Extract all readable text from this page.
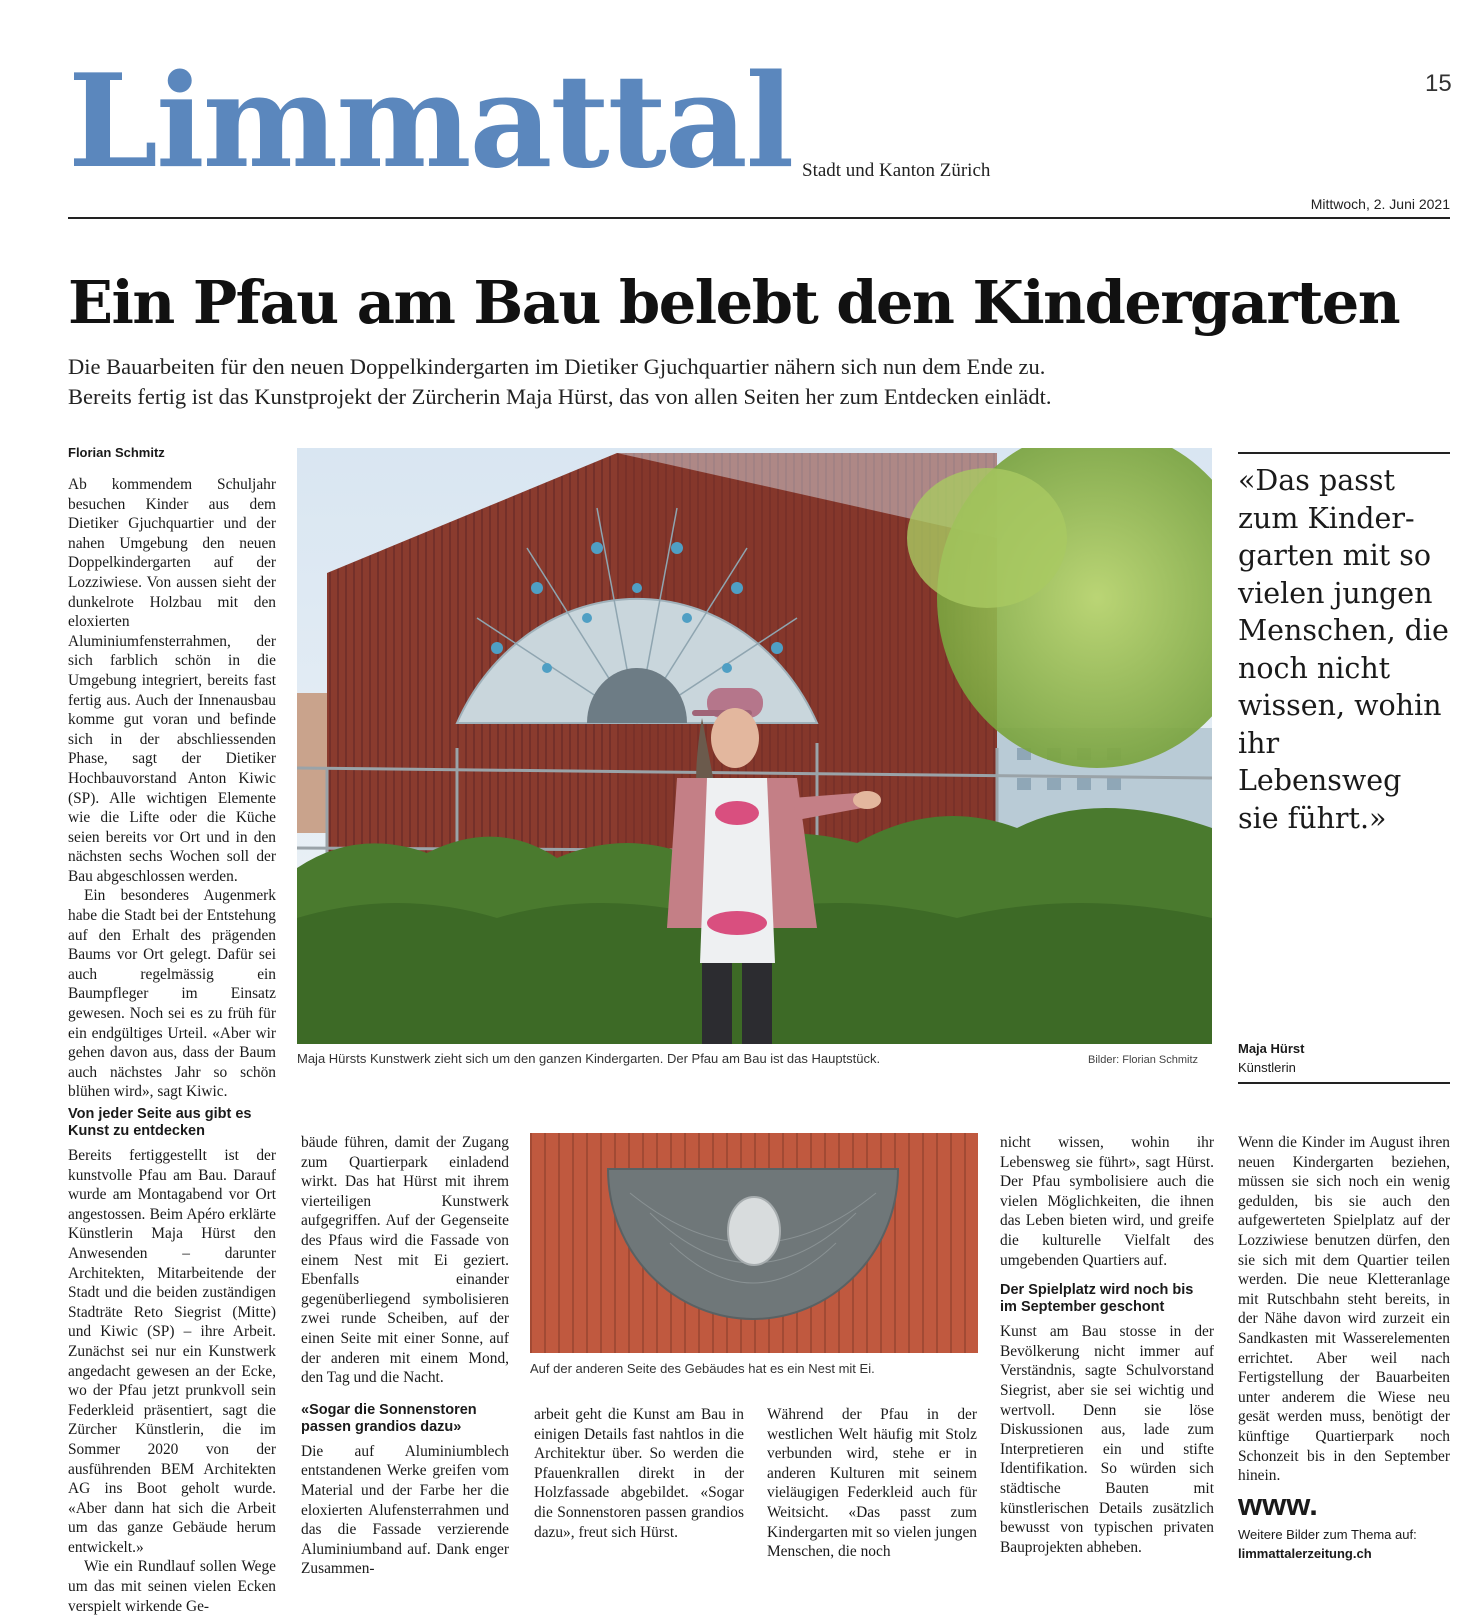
Limmattal Stadt und Kanton Zürich
15
Mittwoch, 2. Juni 2021
Ein Pfau am Bau belebt den Kindergarten

Die Bauarbeiten für den neuen Doppelkindergarten im Dietiker Gjuchquartier nähern sich nun dem Ende zu.

Bereits fertig ist das Kunstprojekt der Zürcherin Maja Hürst, das von allen Seiten her zum Entdecken einlädt.

Florian Schmitz

Ab kommendem Schuljahr besuchen Kinder aus dem Dietiker Gjuchquartier und der nahen Umgebung den neuen Doppelkindergarten auf der Lozziwiese. Von aussen sieht der dunkelrote Holzbau mit den eloxierten Aluminiumfensterrahmen, der sich farblich schön in die Umgebung integriert, bereits fast fertig aus. Auch der Innenausbau komme gut voran und befinde sich in der abschliessenden Phase, sagt der Dietiker Hochbauvorstand Anton Kiwic (SP). Alle wichtigen Elemente wie die Lifte oder die Küche seien bereits vor Ort und in den nächsten sechs Wochen soll der Bau abgeschlossen werden.

Ein besonderes Augenmerk habe die Stadt bei der Entstehung auf den Erhalt des prägenden Baums vor Ort gelegt. Dafür sei auch regelmässig ein Baumpfleger im Einsatz gewesen. Noch sei es zu früh für ein endgültiges Urteil. «Aber wir gehen davon aus, dass der Baum auch nächstes Jahr so schön blühen wird», sagt Kiwic.

Von jeder Seite aus gibt es Kunst zu entdecken

Bereits fertiggestellt ist der kunstvolle Pfau am Bau. Darauf wurde am Montagabend vor Ort angestossen. Beim Apéro erklärte Künstlerin Maja Hürst den Anwesenden – darunter Architekten, Mitarbeitende der Stadt und die beiden zuständigen Stadträte Reto Siegrist (Mitte) und Kiwic (SP) – ihre Arbeit. Zunächst sei nur ein Kunstwerk angedacht gewesen an der Ecke, wo der Pfau jetzt prunkvoll sein Federkleid präsentiert, sagt die Zürcher Künstlerin, die im Sommer 2020 von der ausführenden BEM Architekten AG ins Boot geholt wurde. «Aber dann hat sich die Arbeit um das ganze Gebäude herum entwickelt.»

Wie ein Rundlauf sollen Wege um das mit seinen vielen Ecken verspielt wirkende Ge-

Maja Hürsts Kunstwerk zieht sich um den ganzen Kindergarten. Der Pfau am Bau ist das Hauptstück.	Bilder: Florian Schmitz

«Das passt

zum Kinder-

garten mit so

vielen jungen

Menschen, die

noch nicht

wissen, wohin

ihr Lebensweg

sie führt.»

Maja Hürst
Künstlerin

bäude führen, damit der Zugang zum Quartierpark einladend wirkt. Das hat Hürst mit ihrem vierteiligen Kunstwerk aufgegriffen. Auf der Gegenseite des Pfaus wird die Fassade von einem Nest mit Ei geziert. Ebenfalls einander gegenüberliegend symbolisieren zwei runde Scheiben, auf der einen Seite mit einer Sonne, auf der anderen mit einem Mond, den Tag und die Nacht.

«Sogar die Sonnenstoren passen grandios dazu»

Die auf Aluminiumblech entstandenen Werke greifen vom Material und der Farbe her die eloxierten Alufensterrahmen und das die Fassade verzierende Aluminiumband auf. Dank enger Zusammen-

Auf der anderen Seite des Gebäudes hat es ein Nest mit Ei.

arbeit geht die Kunst am Bau in einigen Details fast nahtlos in die Architektur über. So werden die Pfauenkrallen direkt in der Holzfassade abgebildet. «Sogar die Sonnenstoren passen grandios dazu», freut sich Hürst.

Während der Pfau in der westlichen Welt häufig mit Stolz verbunden wird, stehe er in anderen Kulturen mit seinem vieläugigen Federkleid auch für Weitsicht. «Das passt zum Kindergarten mit so vielen jungen Menschen, die noch

nicht wissen, wohin ihr Lebensweg sie führt», sagt Hürst. Der Pfau symbolisiere auch die vielen Möglichkeiten, die ihnen das Leben bieten wird, und greife die kulturelle Vielfalt des umgebenden Quartiers auf.

Der Spielplatz wird noch bis im September geschont

Kunst am Bau stosse in der Bevölkerung nicht immer auf Verständnis, sagte Schulvorstand Siegrist, aber sie sei wichtig und wertvoll. Denn sie löse Diskussionen aus, lade zum Interpretieren ein und stifte Identifikation. So würden sich städtische Bauten mit künstlerischen Details zusätzlich bewusst von typischen privaten Bauprojekten abheben.

Wenn die Kinder im August ihren neuen Kindergarten beziehen, müssen sie sich noch ein wenig gedulden, bis sie auch den aufgewerteten Spielplatz auf der Lozziwiese benutzen dürfen, den sie sich mit dem Quartier teilen werden. Die neue Kletteranlage mit Rutschbahn steht bereits, in der Nähe davon wird zurzeit ein Sandkasten mit Wasserelementen errichtet. Aber weil nach Fertigstellung der Bauarbeiten unter anderem die Wiese neu gesät werden muss, benötigt der künftige Quartierpark noch Schonzeit bis in den September hinein.

www.
Weitere Bilder zum Thema auf:
limmattalerzeitung.ch
